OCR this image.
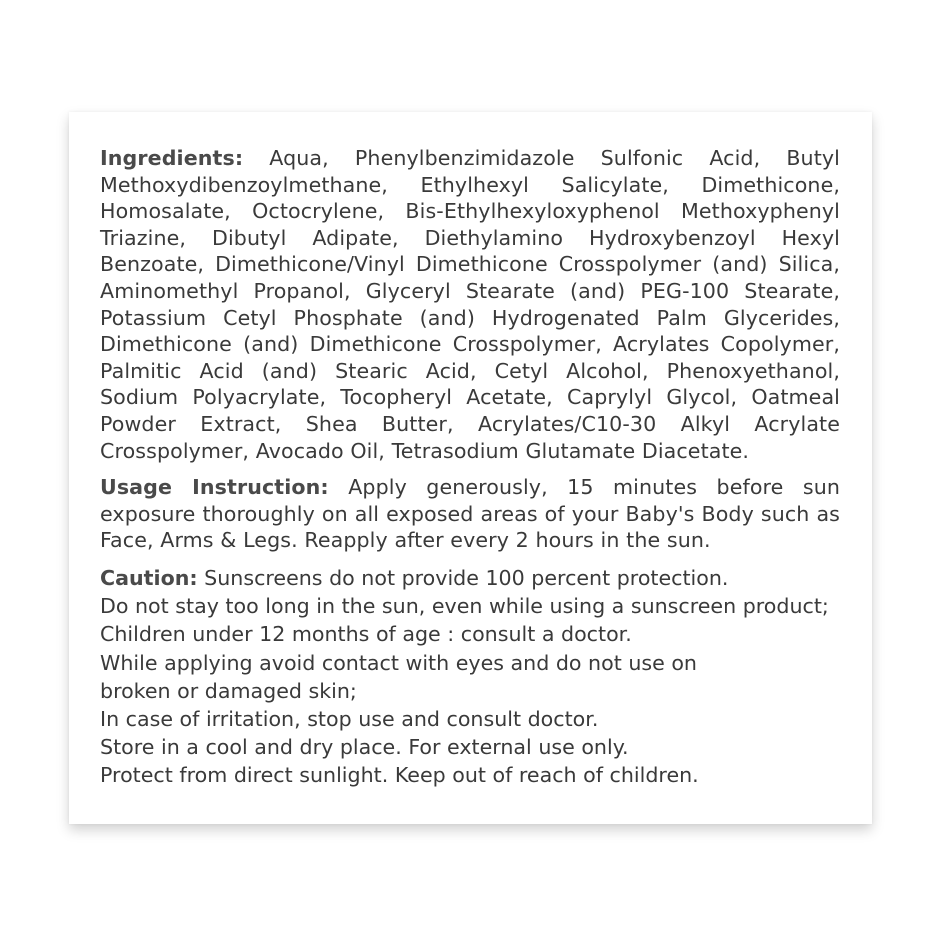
Ingredients: Aqua, Phenylbenzimidazole Sulfonic Acid, Butyl Methoxydibenzoylmethane, Ethylhexyl Salicylate, Dimethicone, Homosalate, Octocrylene, Bis-Ethylhexyloxyphenol Methoxyphenyl Triazine, Dibutyl Adipate, Diethylamino Hydroxybenzoyl Hexyl Benzoate, Dimethicone/Vinyl Dimethicone Crosspolymer (and) Silica, Aminomethyl Propanol, Glyceryl Stearate (and) PEG-100 Stearate, Potassium Cetyl Phosphate (and) Hydrogenated Palm Glycerides, Dimethicone (and) Dimethicone Crosspolymer, Acrylates Copolymer, Palmitic Acid (and) Stearic Acid, Cetyl Alcohol, Phenoxyethanol, Sodium Polyacrylate, Tocopheryl Acetate, Caprylyl Glycol, Oatmeal Powder Extract, Shea Butter, Acrylates/C10-30 Alkyl Acrylate Crosspolymer, Avocado Oil, Tetrasodium Glutamate Diacetate.

Usage Instruction: Apply generously, 15 minutes before sun exposure thoroughly on all exposed areas of your Baby's Body such as Face, Arms & Legs. Reapply after every 2 hours in the sun.

Caution: Sunscreens do not provide 100 percent protection.

Do not stay too long in the sun, even while using a sunscreen product;

Children under 12 months of age : consult a doctor.

While applying avoid contact with eyes and do not use on

broken or damaged skin;

In case of irritation, stop use and consult doctor.

Store in a cool and dry place. For external use only.

Protect from direct sunlight. Keep out of reach of children.
